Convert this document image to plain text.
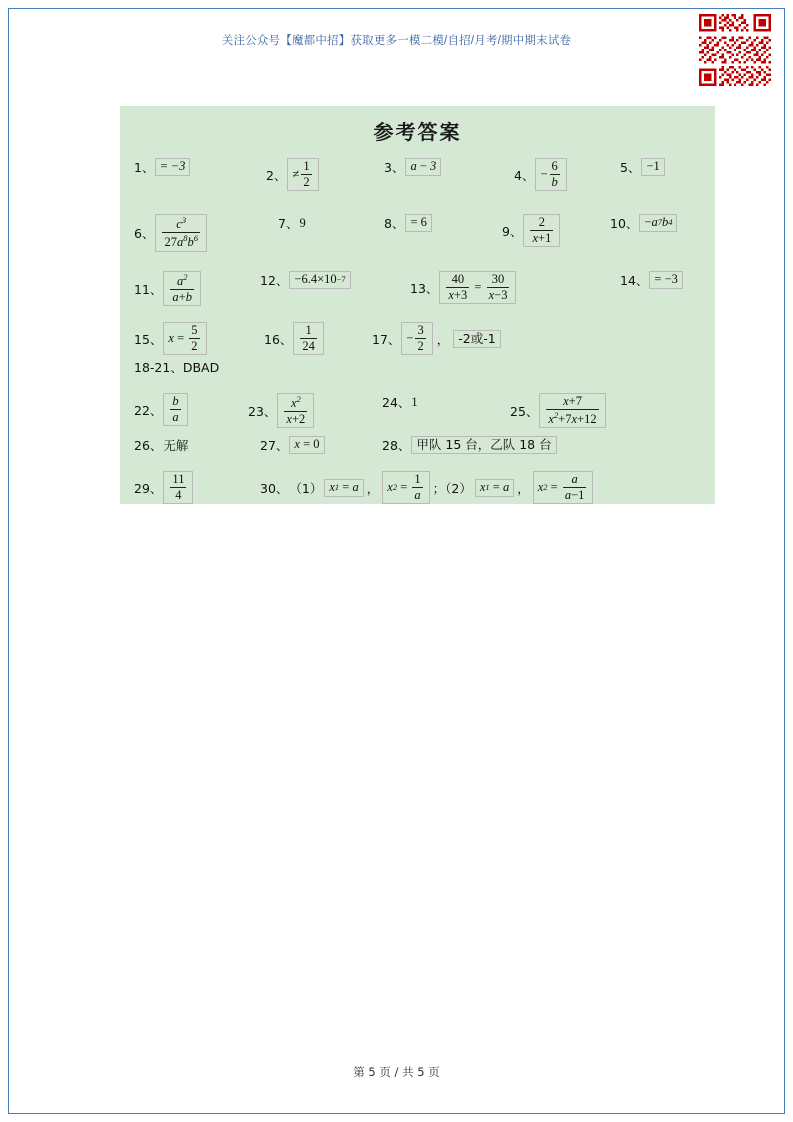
关注公众号【魔都中招】获取更多一模二模/自招/月考/期中期末试卷
参考答案
1、 = −3
2、 ≠ $\frac{1}{2}$	3、 a − 3
4、 − $\frac{6}{b}$	5、 −1
6、 $\frac{c^3}{27a^8b^6}$	7、 9	8、 = 6
9、 $\frac{2}{x+1}$	10、 − a 7 b 4
11、 $\frac{a^2}{a+b}$	12、 −6.4×10 −7
13、 $\frac{40}{x+3} = \frac{30}{x-3}$	14、 = −3
15、 $x = \frac{5}{2}$	16、 $\frac{1}{24}$	17、 − $\frac{3}{2}$ ， -2或-1
18-21、DBAD
22、 $\frac{b}{a}$	23、 $\frac{x^2}{x+2}$	24、 1
25、 $\frac{x+7}{x^2+7x+12}$
26、 无解	27、 x = 0	28、 甲队 15 台，乙队 18 台
29、 $\frac{11}{4}$	30、 （1） x 1 = a ， x $2 = \frac{1}{a}$ ；（2） x 1 = a ， x $2 = \frac{a}{a-1}$
第 5 页 / 共 5 页
